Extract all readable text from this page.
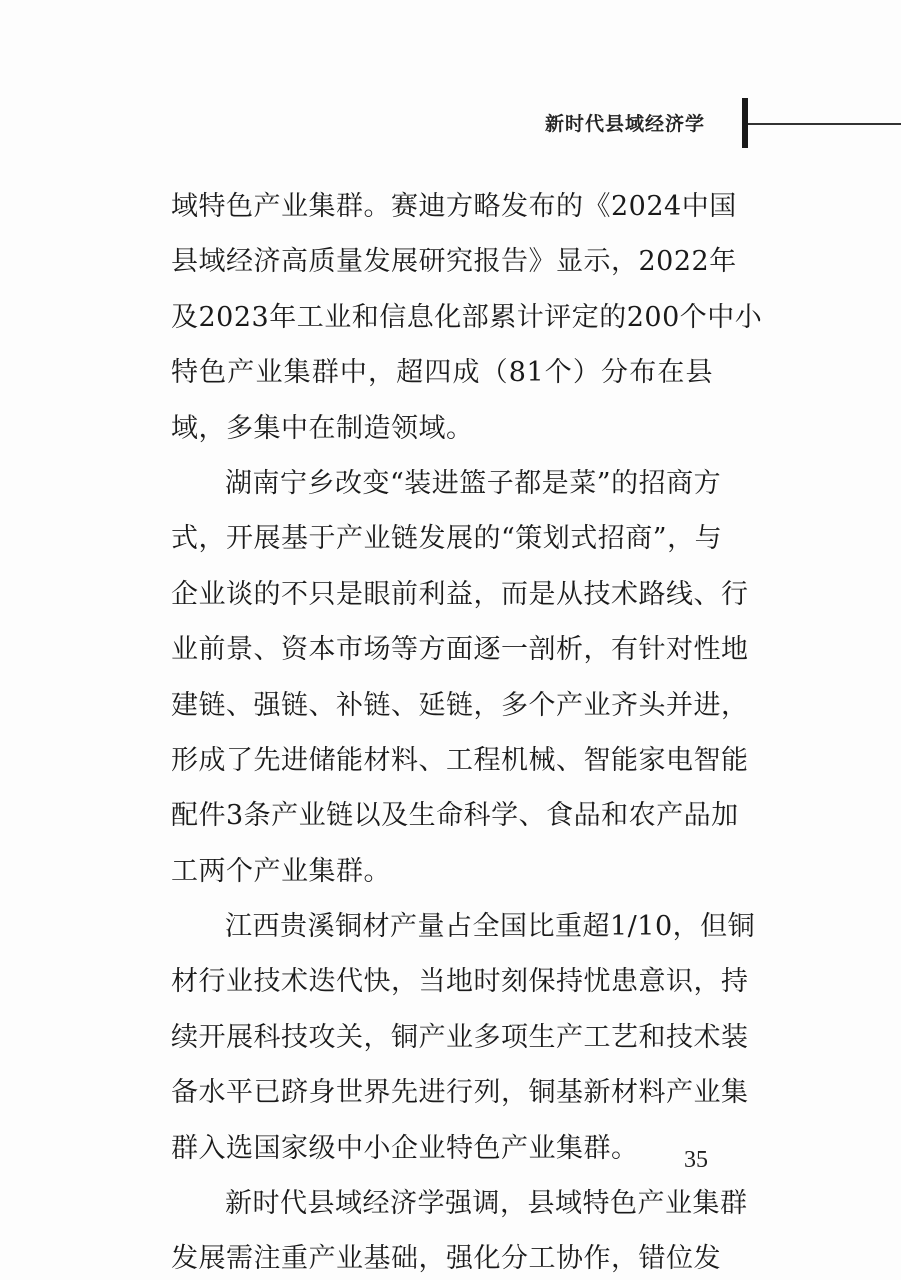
新时代县域经济学
域特色产业集群。赛迪方略发布的《2024中国
县域经济高质量发展研究报告》显示，2022年
及2023年工业和信息化部累计评定的200个中小
特色产业集群中，超四成（81个）分布在县
域，多集中在制造领域。
湖南宁乡改变“装进篮子都是菜”的招商方
式，开展基于产业链发展的“策划式招商”，与
企业谈的不只是眼前利益，而是从技术路线、行
业前景、资本市场等方面逐一剖析，有针对性地
建链、强链、补链、延链，多个产业齐头并进，
形成了先进储能材料、工程机械、智能家电智能
配件3条产业链以及生命科学、食品和农产品加
工两个产业集群。
江西贵溪铜材产量占全国比重超1/10，但铜
材行业技术迭代快，当地时刻保持忧患意识，持
续开展科技攻关，铜产业多项生产工艺和技术装
备水平已跻身世界先进行列，铜基新材料产业集
群入选国家级中小企业特色产业集群。
新时代县域经济学强调，县域特色产业集群
发展需注重产业基础，强化分工协作，错位发
35
